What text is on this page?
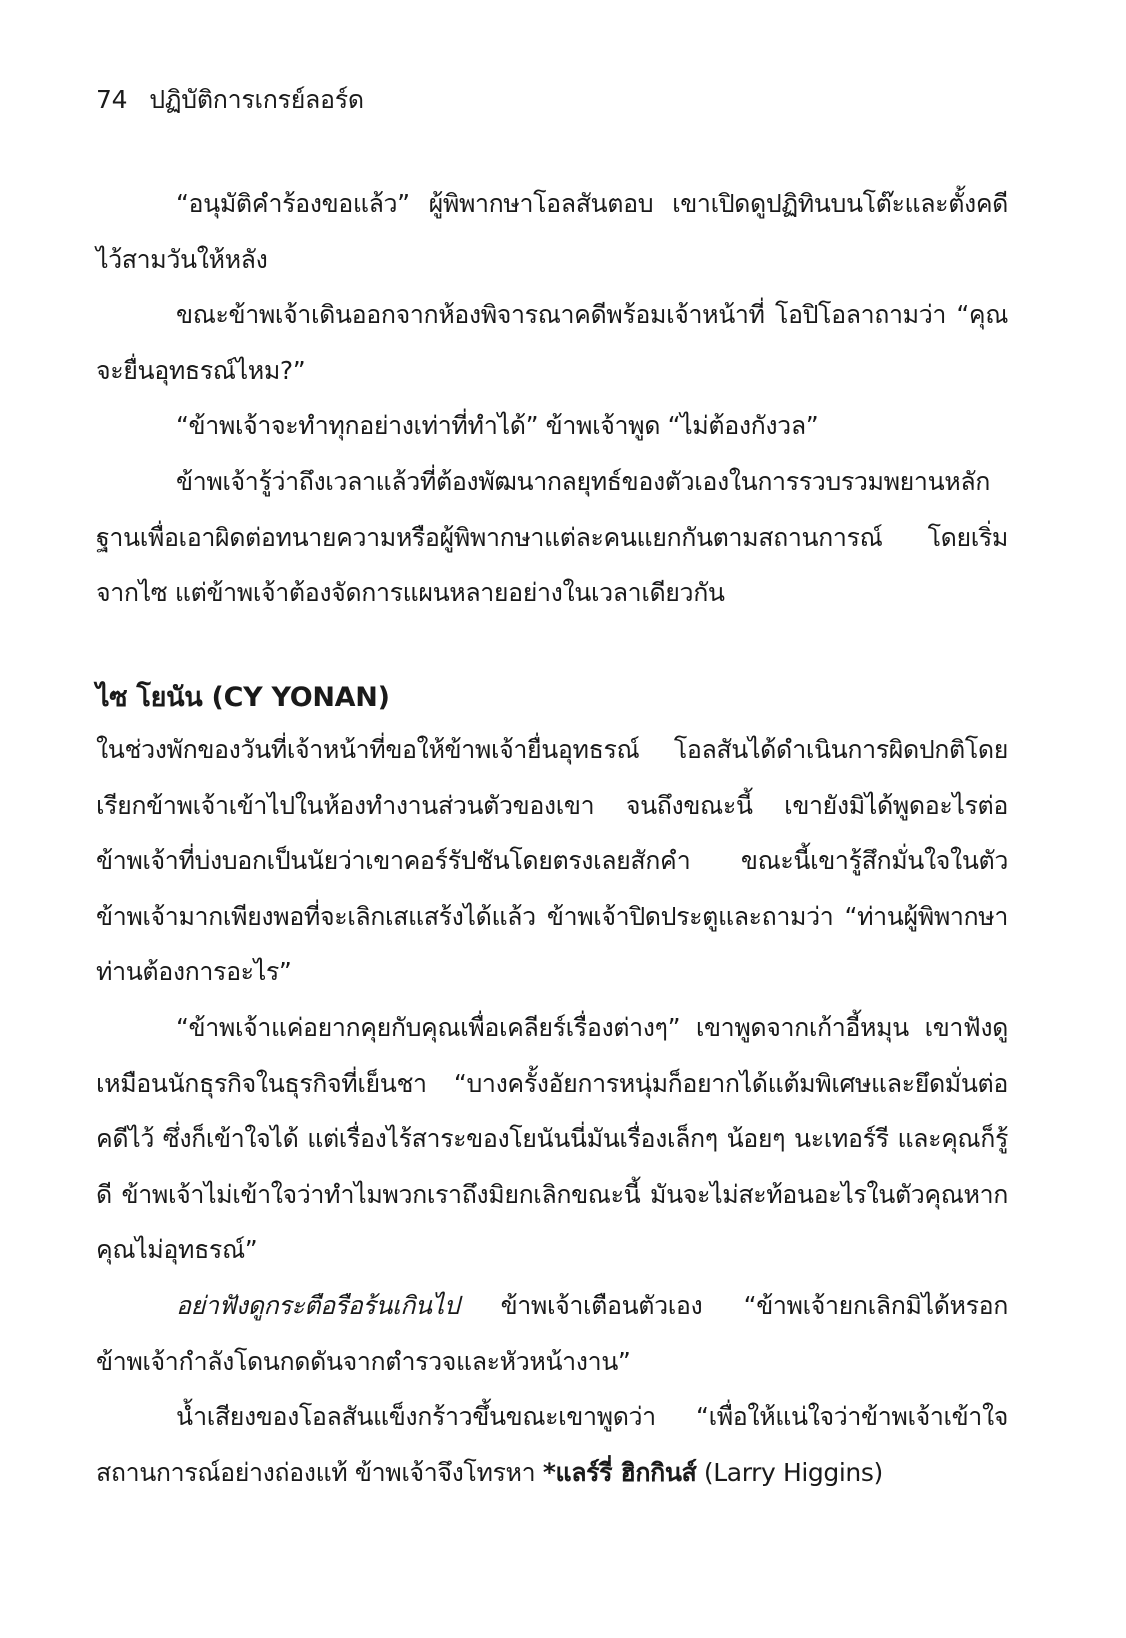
74 ปฏิบัติการเกรย์ลอร์ด

“อนุมัติคำร้องขอแล้ว” ผู้พิพากษาโอลสันตอบ เขาเปิดดูปฏิทินบนโต๊ะและตั้งคดีไว้สามวันให้หลัง

ขณะข้าพเจ้าเดินออกจากห้องพิจารณาคดีพร้อมเจ้าหน้าที่ โอปิโอลาถามว่า “คุณจะยื่นอุทธรณ์ไหม?”

“ข้าพเจ้าจะทำทุกอย่างเท่าที่ทำได้” ข้าพเจ้าพูด “ไม่ต้องกังวล”

ข้าพเจ้ารู้ว่าถึงเวลาแล้วที่ต้องพัฒนากลยุทธ์ของตัวเองในการรวบรวมพยานหลักฐานเพื่อเอาผิดต่อทนายความหรือผู้พิพากษาแต่ละคนแยกกันตามสถานการณ์ โดยเริ่มจากไซ แต่ข้าพเจ้าต้องจัดการแผนหลายอย่างในเวลาเดียวกัน

ไซ โยนัน (CY YONAN)

ในช่วงพักของวันที่เจ้าหน้าที่ขอให้ข้าพเจ้ายื่นอุทธรณ์ โอลสันได้ดำเนินการผิดปกติโดยเรียกข้าพเจ้าเข้าไปในห้องทำงานส่วนตัวของเขา จนถึงขณะนี้ เขายังมิได้พูดอะไรต่อข้าพเจ้าที่บ่งบอกเป็นนัยว่าเขาคอร์รัปชันโดยตรงเลยสักคำ ขณะนี้เขารู้สึกมั่นใจในตัวข้าพเจ้ามากเพียงพอที่จะเลิกเสแสร้งได้แล้ว ข้าพเจ้าปิดประตูและถามว่า “ท่านผู้พิพากษา ท่านต้องการอะไร”

“ข้าพเจ้าแค่อยากคุยกับคุณเพื่อเคลียร์เรื่องต่างๆ” เขาพูดจากเก้าอี้หมุน เขาฟังดูเหมือนนักธุรกิจในธุรกิจที่เย็นชา “บางครั้งอัยการหนุ่มก็อยากได้แต้มพิเศษและยึดมั่นต่อคดีไว้ ซึ่งก็เข้าใจได้ แต่เรื่องไร้สาระของโยนันนี่มันเรื่องเล็กๆ น้อยๆ นะเทอร์รี และคุณก็รู้ดี ข้าพเจ้าไม่เข้าใจว่าทำไมพวกเราถึงมิยกเลิกขณะนี้ มันจะไม่สะท้อนอะไรในตัวคุณหากคุณไม่อุทธรณ์”

อย่าฟังดูกระตือรือร้นเกินไป ข้าพเจ้าเตือนตัวเอง “ข้าพเจ้ายกเลิกมิได้หรอก ข้าพเจ้ากำลังโดนกดดันจากตำรวจและหัวหน้างาน”

น้ำเสียงของโอลสันแข็งกร้าวขึ้นขณะเขาพูดว่า “เพื่อให้แน่ใจว่าข้าพเจ้าเข้าใจสถานการณ์อย่างถ่องแท้ ข้าพเจ้าจึงโทรหา *แลร์รี่ ฮิกกินส์ (Larry Higgins)
